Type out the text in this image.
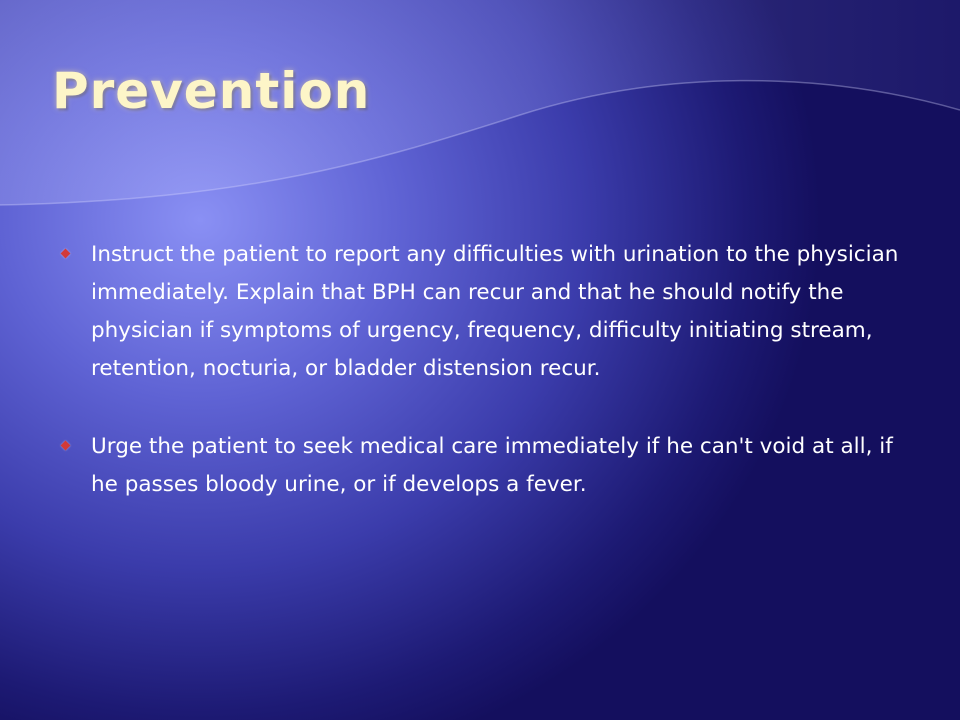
Prevention
Instruct the patient to report any difficulties with urination to the physician immediately. Explain that BPH can recur and that he should notify the physician if symptoms of urgency, frequency, difficulty initiating stream, retention, nocturia, or bladder distension recur.
Urge the patient to seek medical care immediately if he can't void at all, if he passes bloody urine, or if develops a fever.
